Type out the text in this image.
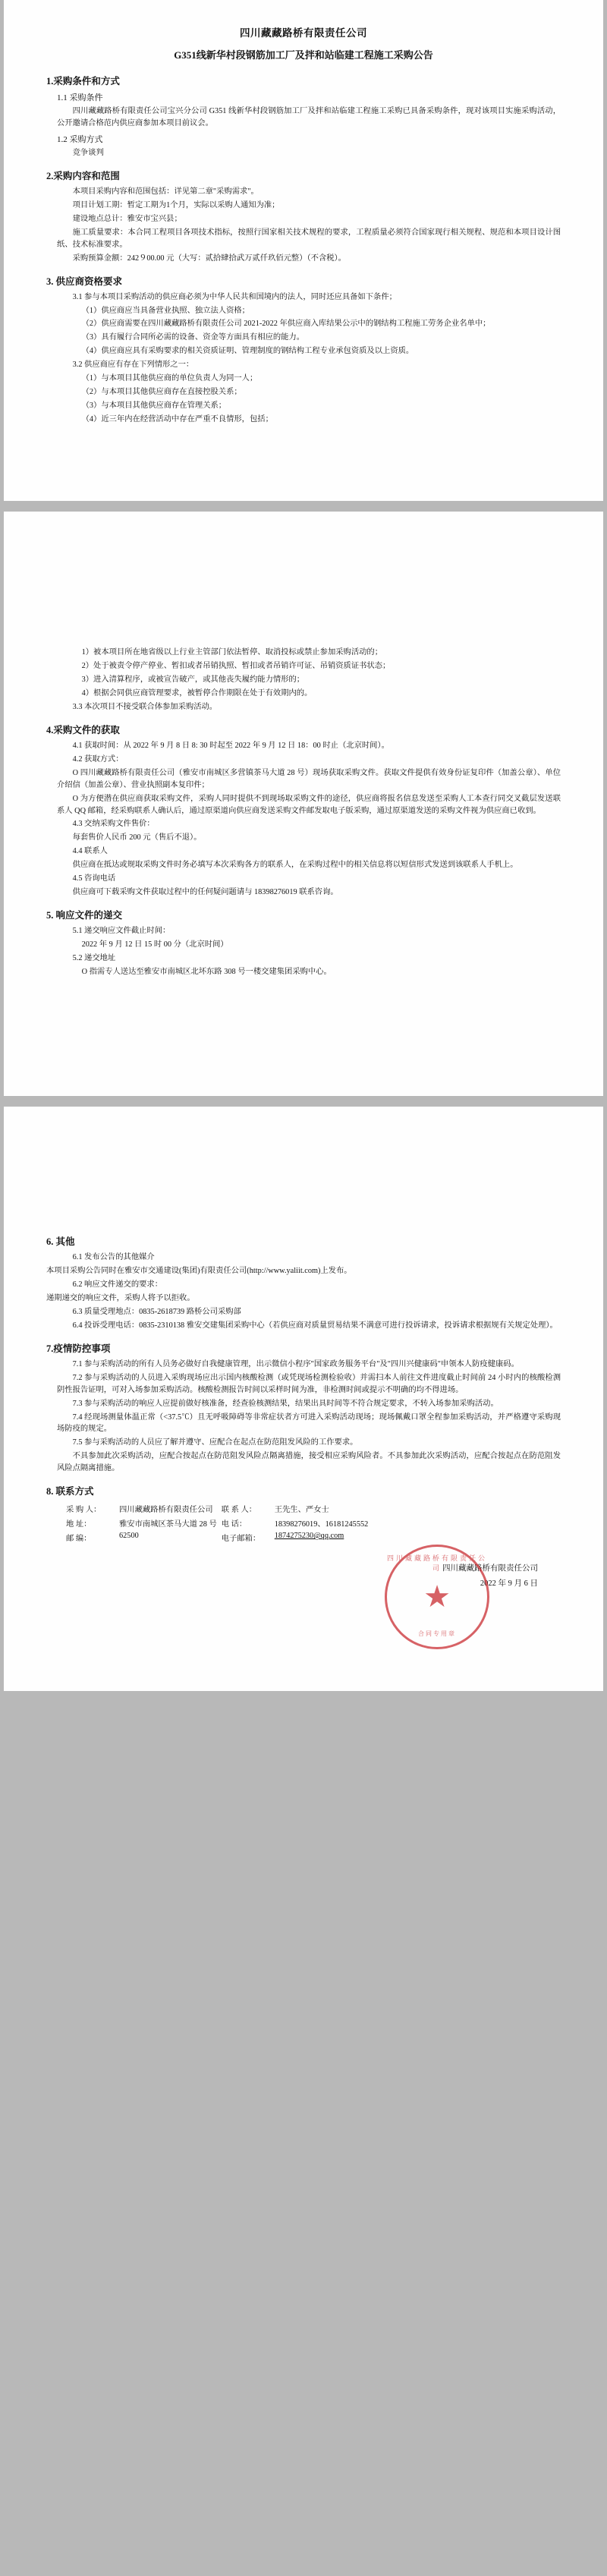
四川藏藏路桥有限责任公司
G351线新华村段钢筋加工厂及拌和站临建工程施工采购公告
1.采购条件和方式
1.1 采购条件
四川藏藏路桥有限责任公司宝兴分公司 G351 线新华村段钢筋加工厂及拌和站临建工程施工采购已具备采购条件，现对该项目实施采购活动，公开邀请合格范内供应商参加本项目前议会。
1.2 采购方式
竞争谈判
2.采购内容和范围
本项目采购内容和范围包括：详见第二章"采购需求"。
项目计划工期：暂定工期为1个月，实际以采购人通知为准；
建设地点总计：雅安市宝兴县；
施工质量要求：本合同工程项目各项技术指标，按照行国家相关技术规程的要求，工程质量必须符合国家现行相关规程、规范和本项目设计图纸、技术标准要求。
采购预算金额：242９00.00 元（大写：贰拾肆拾武万贰仟玖佰元整）（不含税）。
3. 供应商资格要求
3.1 参与本项目采购活动的供应商必须为中华人民共和国境内的法人，同时还应具备如下条件；
（1）供应商应当具备营业执照、独立法人资格；
（2）供应商需要在四川藏藏路桥有限责任公司 2021-2022 年供应商入库结果公示中的钢结构工程施工劳务企业名单中；
（3）具有履行合同所必需的设备、资金等方面具有相应的能力。
（4）供应商应具有采购要求的相关资质证明、管理制度的钢结构工程专业承包资质及以上资质。
3.2 供应商应有存在下列情形之一：
（1）与本项目其他供应商的单位负责人为同一人；
（2）与本项目其他供应商存在直接控股关系；
（3）与本项目其他供应商存在管理关系；
（4）近三年内在经营活动中存在严重不良情形，包括；
1）被本项目所在地省级以上行业主管部门依法暂停、取消投标或禁止参加采购活动的；
2）处于被责令停产停业、暂扣或者吊销执照、暂扣或者吊销许可证、吊销资质证书状态；
3）进入清算程序，或被宣告破产，或其他丧失履约能力情形的；
4）根据会同供应商管理要求，被暂停合作期限在处于有效期内的。
3.3 本次项目不接受联合体参加采购活动。
4.采购文件的获取
4.1 获取时间：从 2022 年 9 月 8 日 8: 30 时起至 2022 年 9 月 12 日 18：00 时止（北京时间）。
4.2 获取方式：
O 四川藏藏路桥有限责任公司（雅安市南城区多营镇茶马大道 28 号）现场获取采购文件。获取文件提供有效身份证复印件（加盖公章）、单位介绍信（加盖公章）、营业执照副本复印件；
O 为方便潜在供应商获取采购文件，采购人同时提供不到现场取采购文件的途径，供应商将报名信息发送至采购人工本查行同交叉截层发送联系人 QQ 邮箱，经采购联系人确认后，通过原渠道向供应商发送采购文件邮发取电子版采购，通过原渠道发送的采购文件视为供应商已收到。
4.3 交纳采购文件售价：
每套售价人民币 200 元（售后不退）。
4.4 联系人
供应商在抵达或规取采购文件时务必填写本次采购各方的联系人，在采购过程中的相关信息将以短信形式发送到该联系人手机上。
4.5 咨询电话
供应商可下载采购文件获取过程中的任何疑问题请与 18398276019 联系咨询。
5. 响应文件的递交
5.1 递交响应文件截止时间：
2022 年 9 月 12 日 15 时 00 分（北京时间）
5.2 递交地址
O 指需专人送达至雅安市南城区北坏东路 308 号一楼交建集团采购中心。
6. 其他
6.1 发布公告的其他媒介
本项目采购公告同时在雅安市交通建设(集团)有限责任公司(http://www.yaliit.com)上发布。
6.2 响应文件递交的要求：
递期递交的响应文件，采购人将予以拒收。
6.3 质量受理地点：0835-2618739 路桥公司采购部
6.4 投诉受理电话：0835-2310138 雅安交建集团采购中心（若供应商对质量贸易结果不满意可进行投诉请求，投诉请求根据规有关规定处理）。
7.疫情防控事项
7.1 参与采购活动的所有人员务必做好自我健康管理，出示微信小程序"国家政务服务平台"及"四川兴健康码"申领本人防疫健康码。
7.2 参与采购活动的人员进入采购现场应出示国内核酸检测（或凭现场检测检验收）并需扫本人前往文件进度截止时间前 24 小时内的核酸检测阴性报告证明，可对入场参加采购活动。核酸检测报告时间以采样时间为准，非检测时间或提示不明确的均不得进场。
7.3 参与采购活动的响应人应提前做好核准备，经查验核测结果，结果出具时间等不符合规定要求，不转入场参加采购活动。
7.4 经现场测量体温正常（<37.5℃）且无呼吸障碍等非常症状者方可进入采购活动现场；现场佩戴口罩全程参加采购活动，并严格遵守采购现场防疫的规定。
7.5 参与采购活动的人员应了解并遵守、应配合在起点在防范阻发风险的工作要求。
不具参加此次采购活动，应配合按起点在防范阻发风险点隔离措施，接受相应采购风险者。不具参加此次采购活动，应配合按起点在防范阻发风险点隔离措施。
8. 联系方式
采 购 人：	四川藏藏路桥有限责任公司	联 系 人：	王先生、严女士
地 址：	雅安市南城区茶马大道 28 号	电 话：	18398276019、16181245552
邮 编：	62500	电子邮箱：	1874275230@qq.com
四川藏藏路桥有限责任公司
2022 年 9 月 6 日
四川藏藏路桥有限责任公司
★
合同专用章
